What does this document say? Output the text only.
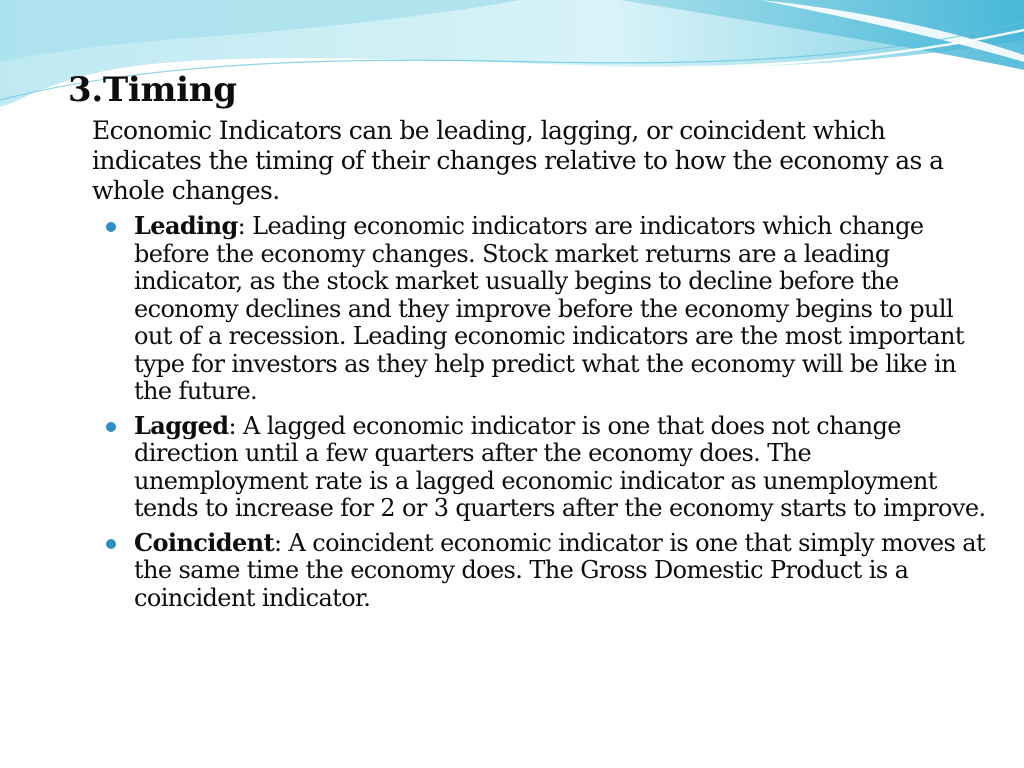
3.Timing

Economic Indicators can be leading, lagging, or coincident which indicates the timing of their changes relative to how the economy as a whole changes.

Leading: Leading economic indicators are indicators which change before the economy changes. Stock market returns are a leading indicator, as the stock market usually begins to decline before the economy declines and they improve before the economy begins to pull out of a recession. Leading economic indicators are the most important type for investors as they help predict what the economy will be like in the future.
Lagged: A lagged economic indicator is one that does not change direction until a few quarters after the economy does. The unemployment rate is a lagged economic indicator as unemployment tends to increase for 2 or 3 quarters after the economy starts to improve.
Coincident: A coincident economic indicator is one that simply moves at the same time the economy does. The Gross Domestic Product is a coincident indicator.
